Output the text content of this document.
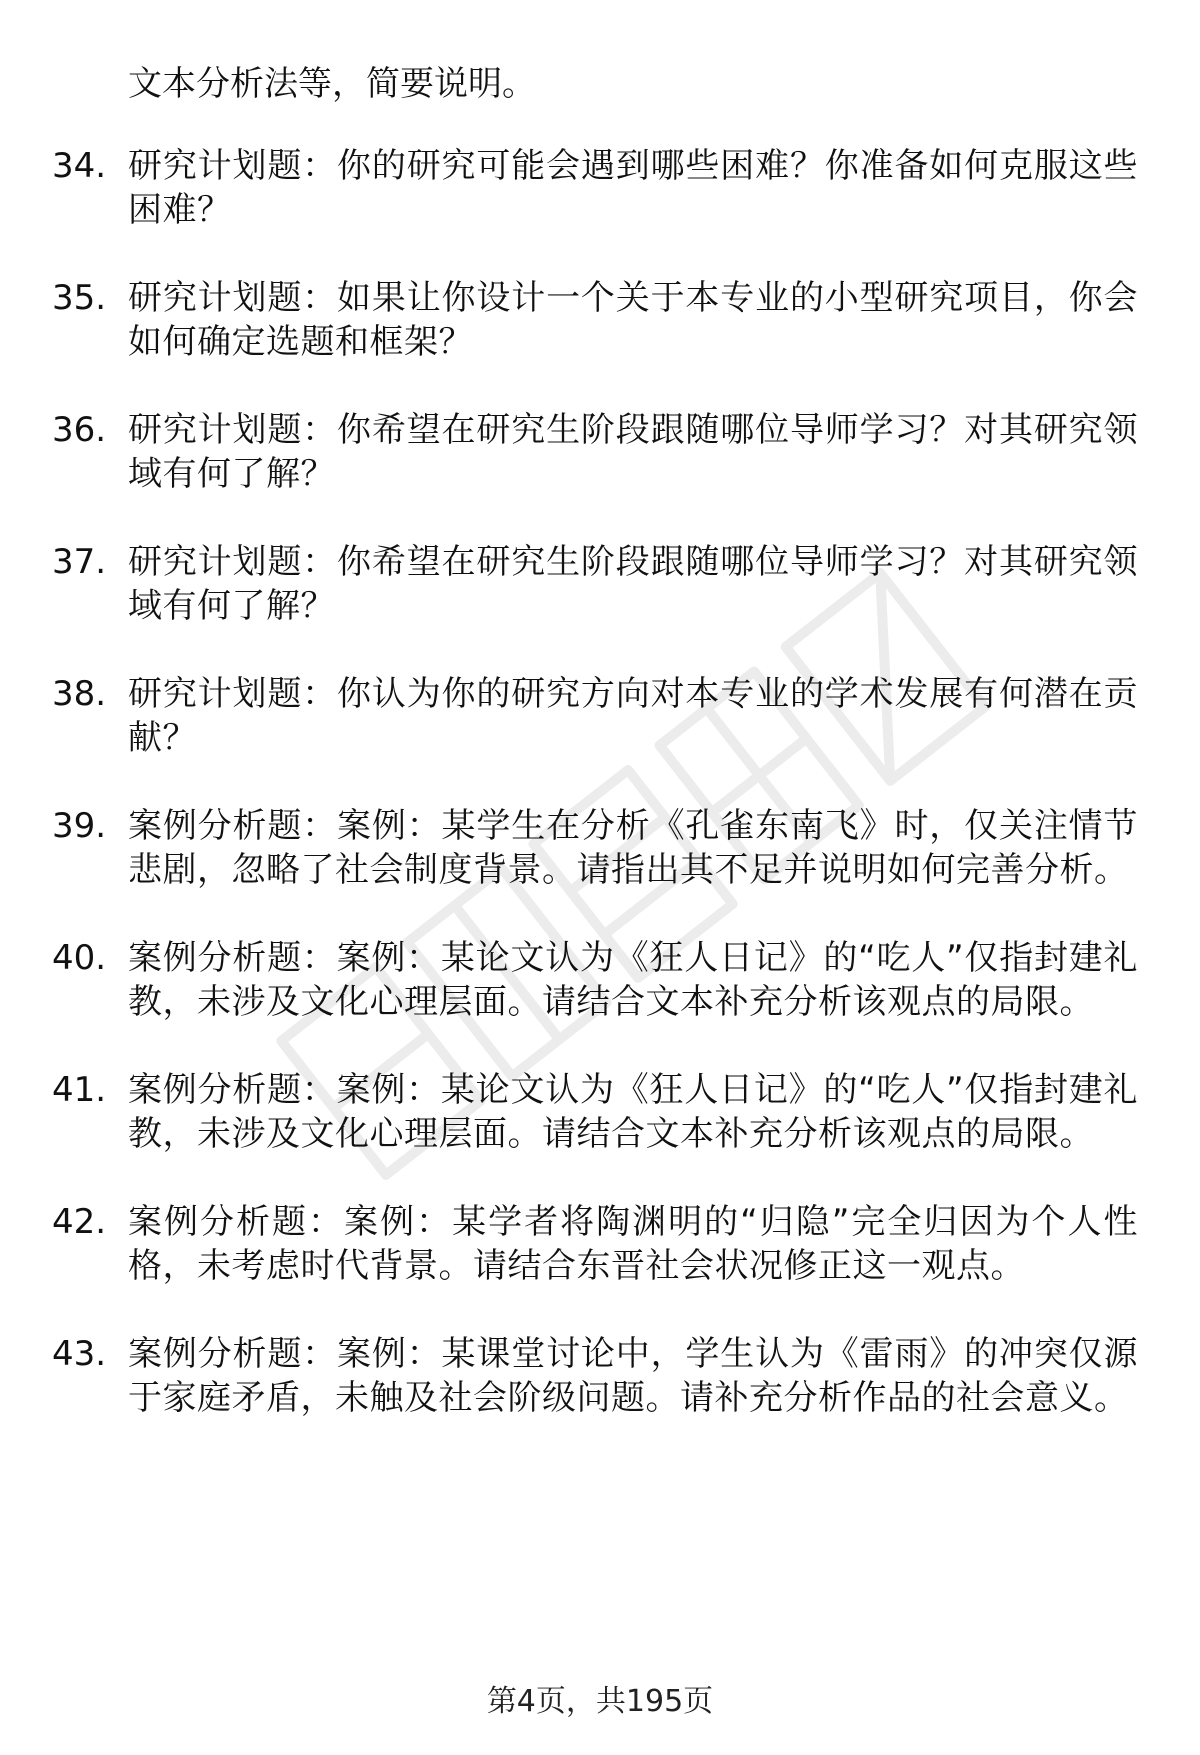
文本分析法等，简要说明。
34. 研究计划题：你的研究可能会遇到哪些困难？你准备如何克服这些困难？
35. 研究计划题：如果让你设计一个关于本专业的小型研究项目，你会如何确定选题和框架？
36. 研究计划题：你希望在研究生阶段跟随哪位导师学习？对其研究领域有何了解？
37. 研究计划题：你希望在研究生阶段跟随哪位导师学习？对其研究领域有何了解？
38. 研究计划题：你认为你的研究方向对本专业的学术发展有何潜在贡献？
39. 案例分析题：案例：某学生在分析《孔雀东南飞》时，仅关注情节悲剧，忽略了社会制度背景。请指出其不足并说明如何完善分析。
40. 案例分析题：案例：某论文认为《狂人日记》的“吃人”仅指封建礼教，未涉及文化心理层面。请结合文本补充分析该观点的局限。
41. 案例分析题：案例：某论文认为《狂人日记》的“吃人”仅指封建礼教，未涉及文化心理层面。请结合文本补充分析该观点的局限。
42. 案例分析题：案例：某学者将陶渊明的“归隐”完全归因为个人性格，未考虑时代背景。请结合东晋社会状况修正这一观点。
43. 案例分析题：案例：某课堂讨论中，学生认为《雷雨》的冲突仅源于家庭矛盾，未触及社会阶级问题。请补充分析作品的社会意义。
第4页，共195页
